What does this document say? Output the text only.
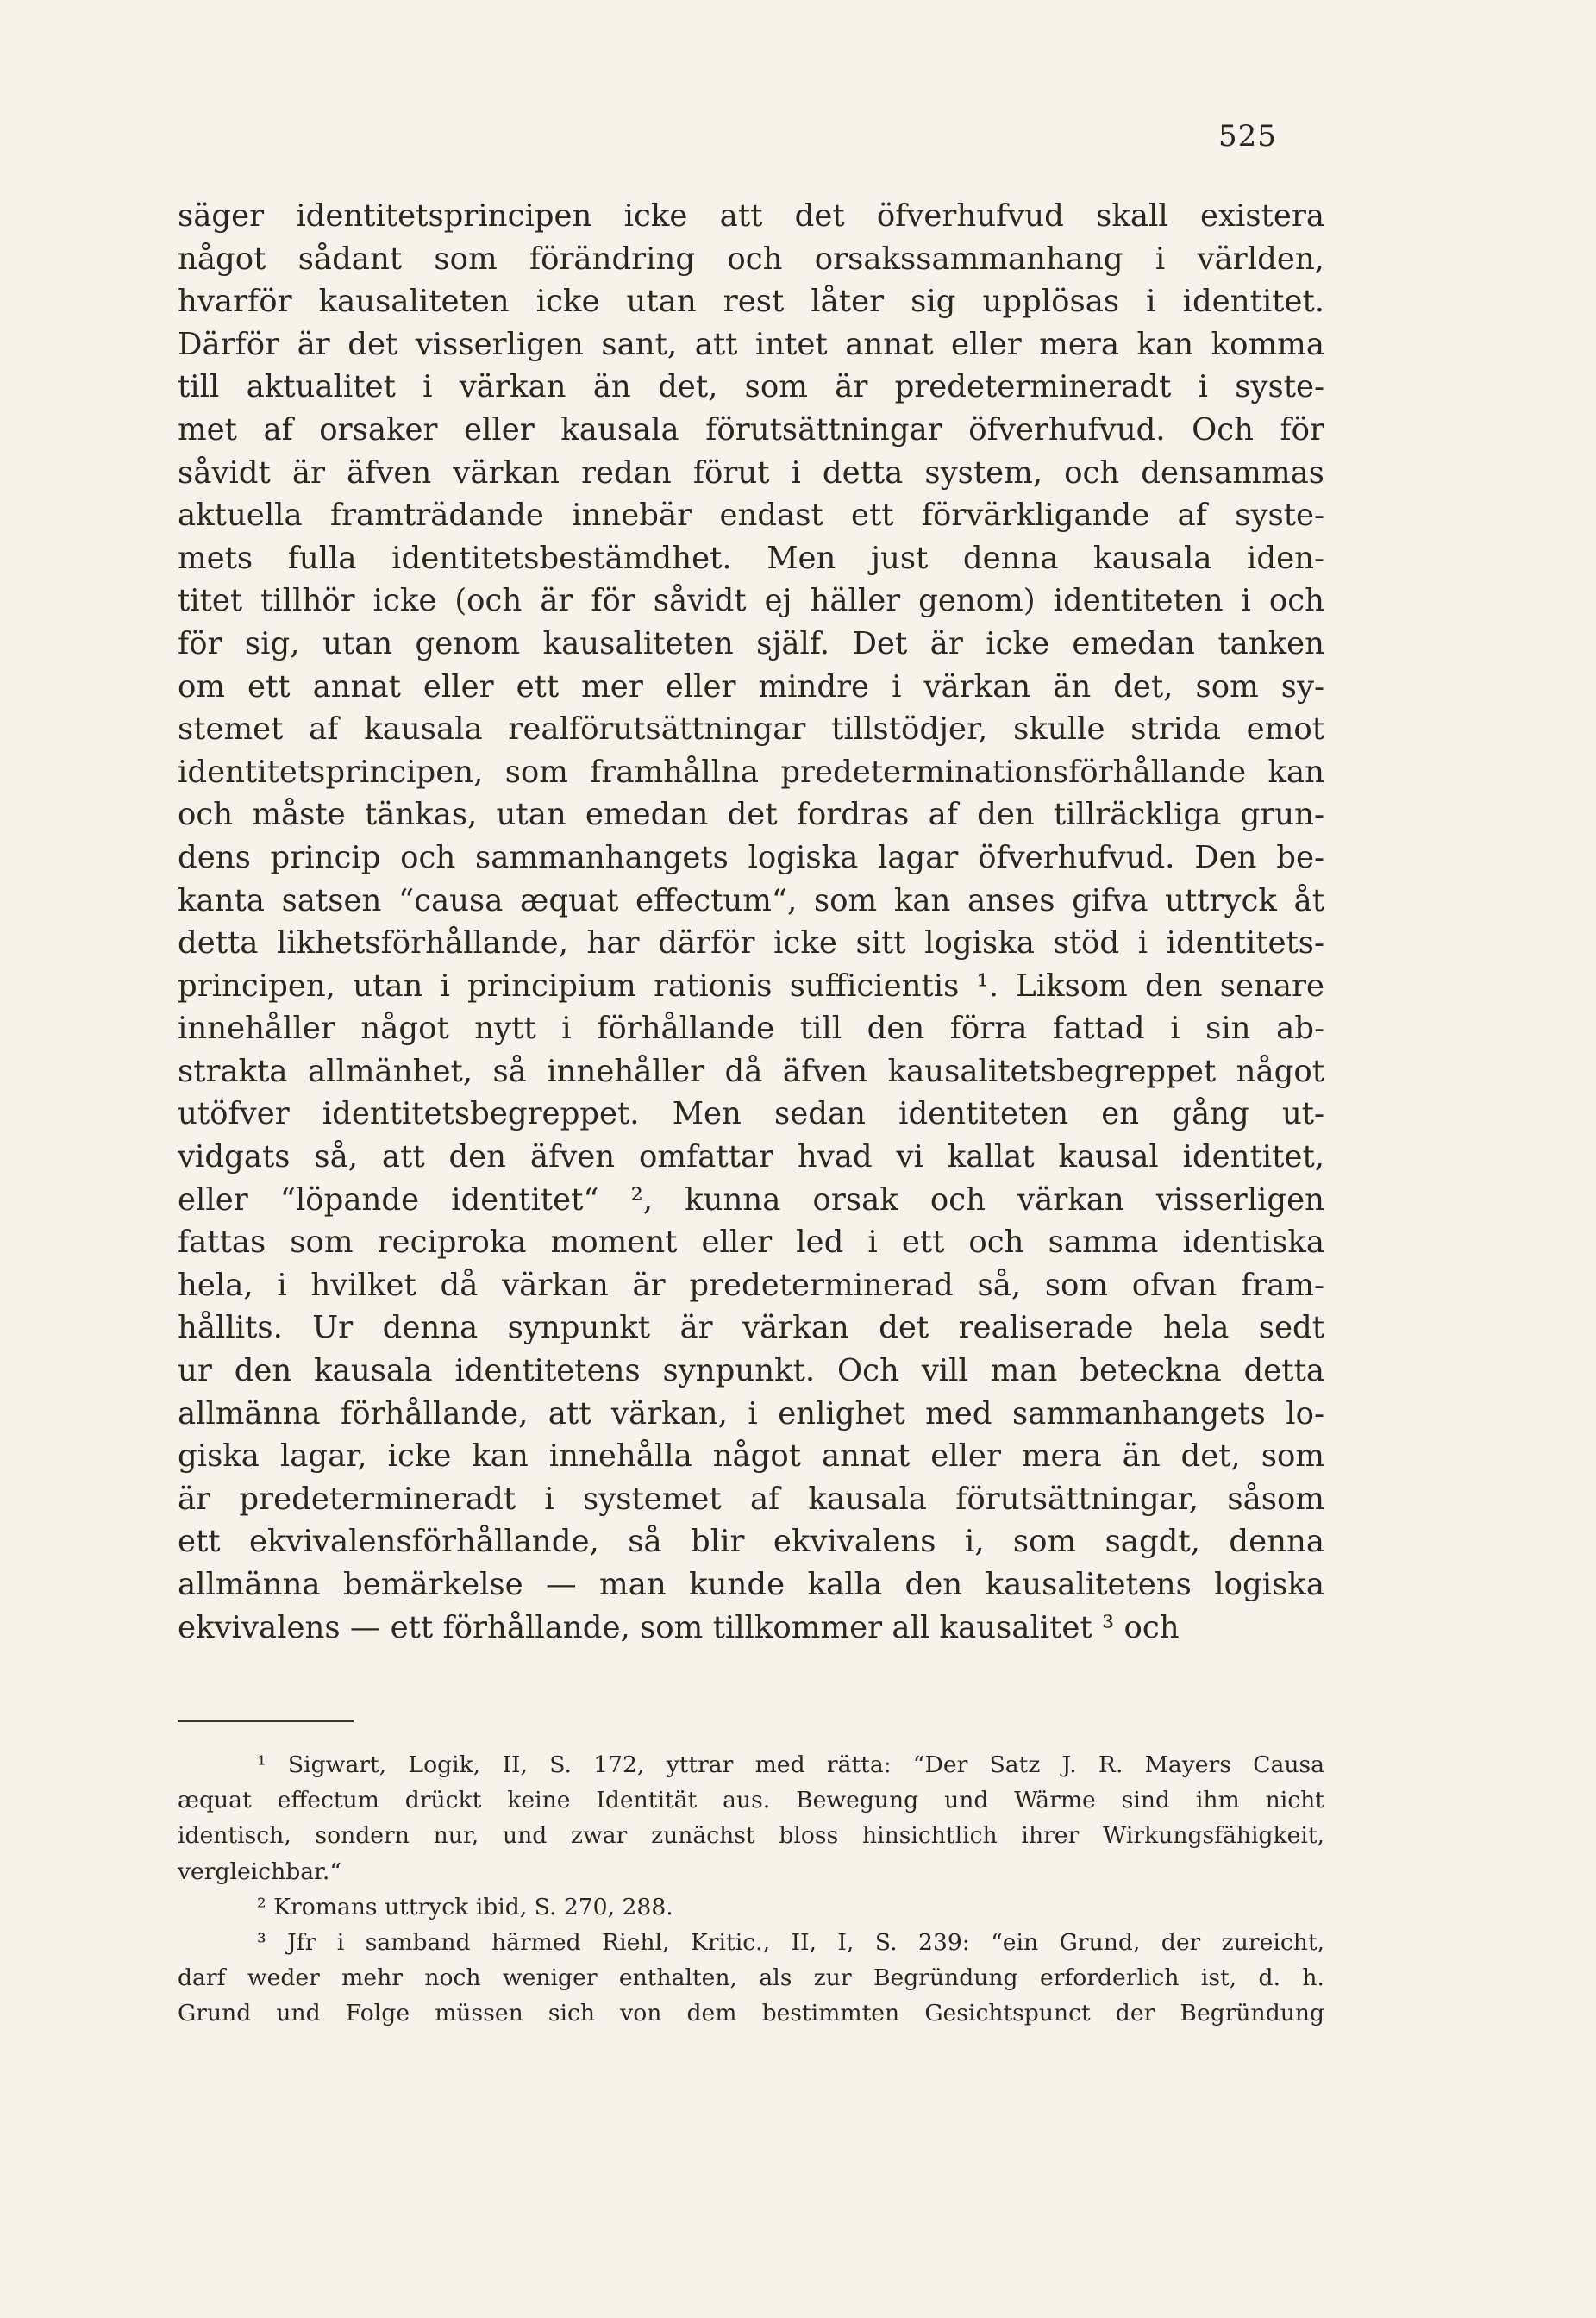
525
säger identitetsprincipen icke att det öfverhufvud skall existera
något sådant som förändring och orsakssammanhang i världen,
hvarför kausaliteten icke utan rest låter sig upplösas i identitet.
Därför är det visserligen sant, att intet annat eller mera kan komma
till aktualitet i värkan än det, som är predetermineradt i syste-
met af orsaker eller kausala förutsättningar öfverhufvud. Och för
såvidt är äfven värkan redan förut i detta system, och densammas
aktuella framträdande innebär endast ett förvärkligande af syste-
mets fulla identitetsbestämdhet. Men just denna kausala iden-
titet tillhör icke (och är för såvidt ej häller genom) identiteten i och
för sig, utan genom kausaliteten själf. Det är icke emedan tanken
om ett annat eller ett mer eller mindre i värkan än det, som sy-
stemet af kausala realförutsättningar tillstödjer, skulle strida emot
identitetsprincipen, som framhållna predeterminationsförhållande kan
och måste tänkas, utan emedan det fordras af den tillräckliga grun-
dens princip och sammanhangets logiska lagar öfverhufvud. Den be-
kanta satsen “causa æquat effectum“, som kan anses gifva uttryck åt
detta likhetsförhållande, har därför icke sitt logiska stöd i identitets-
principen, utan i principium rationis sufficientis ¹. Liksom den senare
innehåller något nytt i förhållande till den förra fattad i sin ab-
strakta allmänhet, så innehåller då äfven kausalitetsbegreppet något
utöfver identitetsbegreppet. Men sedan identiteten en gång ut-
vidgats så, att den äfven omfattar hvad vi kallat kausal identitet,
eller “löpande identitet“ ², kunna orsak och värkan visserligen
fattas som reciproka moment eller led i ett och samma identiska
hela, i hvilket då värkan är predeterminerad så, som ofvan fram-
hållits. Ur denna synpunkt är värkan det realiserade hela sedt
ur den kausala identitetens synpunkt. Och vill man beteckna detta
allmänna förhållande, att värkan, i enlighet med sammanhangets lo-
giska lagar, icke kan innehålla något annat eller mera än det, som
är predetermineradt i systemet af kausala förutsättningar, såsom
ett ekvivalensförhållande, så blir ekvivalens i, som sagdt, denna
allmänna bemärkelse — man kunde kalla den kausalitetens logiska
ekvivalens — ett förhållande, som tillkommer all kausalitet ³ och
¹ Sigwart, Logik, II, S. 172, yttrar med rätta: “Der Satz J. R. Mayers Causa
æquat effectum drückt keine Identität aus. Bewegung und Wärme sind ihm nicht
identisch, sondern nur, und zwar zunächst bloss hinsichtlich ihrer Wirkungsfähigkeit,
vergleichbar.“
² Kromans uttryck ibid, S. 270, 288.
³ Jfr i samband härmed Riehl, Kritic., II, I, S. 239: “ein Grund, der zureicht,
darf weder mehr noch weniger enthalten, als zur Begründung erforderlich ist, d. h.
Grund und Folge müssen sich von dem bestimmten Gesichtspunct der Begründung
